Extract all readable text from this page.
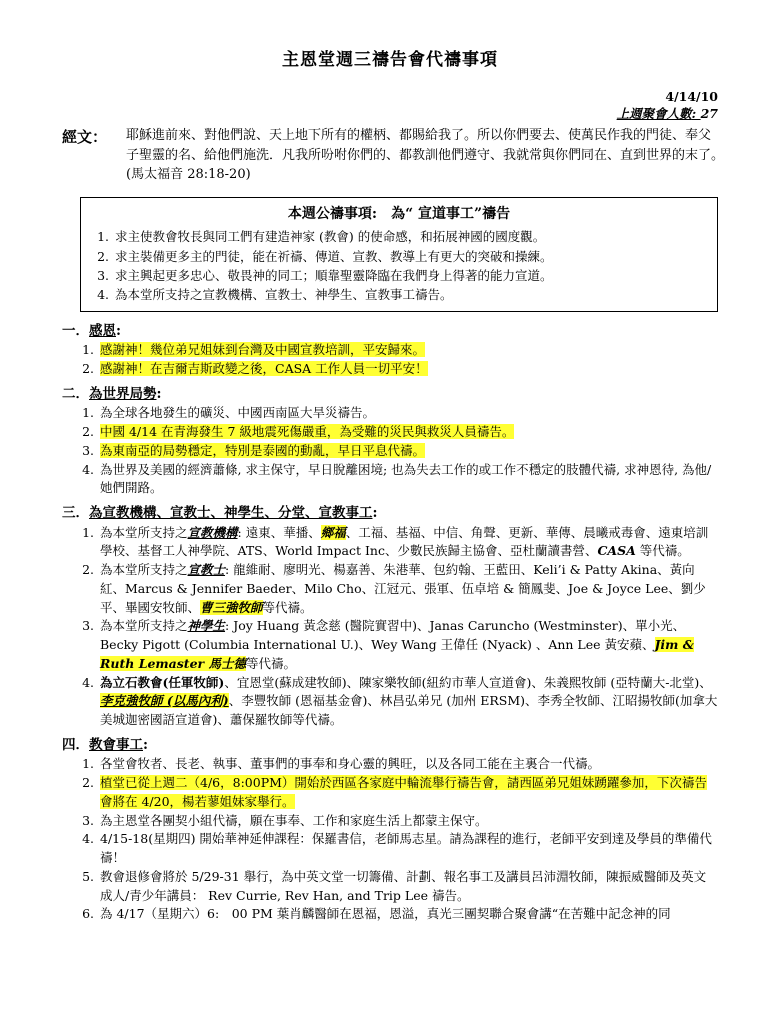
主恩堂週三禱告會代禱事項
4/14/10
上週聚會人數: 27
經文：	耶穌進前來、對他們說、天上地下所有的權柄、都賜給我了。所以你們要去、使萬民作我的門徒、奉父子聖靈的名、給他們施洗．凡我所吩咐你們的、都教訓他們遵守、我就常與你們同在、直到世界的末了。　(馬太福音 28:18-20)
本週公禱事項:　為“ 宣道事工”禱告
1. 求主使教會牧長與同工們有建造神家 (教會) 的使命感，和拓展神國的國度觀。
2. 求主裝備更多主的門徒，能在祈禱、傳道、宣教、教導上有更大的突破和操練。
3. 求主興起更多忠心、敬畏神的同工；順靠聖靈降臨在我們身上得著的能力宣道。
4. 為本堂所支持之宣教機構、宣教士、神學生、宣教事工禱告。
一．感恩:
1. 感謝神！幾位弟兄姐妹到台灣及中國宣教培訓，平安歸來。
2. 感謝神！在吉爾吉斯政變之後，CASA 工作人員一切平安！
二．為世界局勢:
1. 為全球各地發生的礦災、中國西南區大旱災禱告。
2. 中國 4/14 在青海發生 7 級地震死傷嚴重，為受難的災民與救災人員禱告。
3. 為東南亞的局勢穩定，特別是泰國的動亂，早日平息代禱。
4. 為世界及美國的經濟蕭條, 求主保守，早日脫離困境; 也為失去工作的或工作不穩定的肢體代禱, 求神恩待, 為他/她們開路。
三．為宣教機構、宣教士、神學生、分堂、宣教事工:
1. 為本堂所支持之宣教機構: 遠東、華播、鄉福、工福、基福、中信、角聲、更新、華傳、晨曦戒毒會、遠東培訓學校、基督工人神學院、ATS、World Impact Inc、少數民族歸主協會、亞杜蘭讀書營、CASA 等代禱。
2. 為本堂所支持之宣教士: 龍維耐、廖明光、楊嘉善、朱港華、包約翰、王藍田、Keli’i & Patty Akina、黃向紅、Marcus & Jennifer Baeder、Milo Cho、江冠元、張軍、伍卓培 & 簡鳳斐、Joe & Joyce Lee、劉少平、畢國安牧師、曹三強牧師等代禱。
3. 為本堂所支持之神學生: Joy Huang 黃念慈 (醫院實習中)、Janas Caruncho (Westminster)、單小光、Becky Pigott (Columbia International U.)、Wey Wang 王偉任 (Nyack) 、Ann Lee 黃安蘋、Jim & Ruth Lemaster 馬士德等代禱。
4. 為立石教會(任軍牧師)、宜恩堂(蘇成建牧師)、陳家樂牧師(紐約市華人宣道會)、朱義熙牧師 (亞特蘭大-北堂)、李克強牧師 (以馬內利)、李豐牧師 (恩福基金會)、林昌弘弟兄 (加州 ERSM)、李秀全牧師、江昭揚牧師(加拿大美城迦密國語宣道會)、蕭保羅牧師等代禱。
四．教會事工:
1. 各堂會牧者、長老、執事、董事們的事奉和身心靈的興旺，以及各同工能在主裏合一代禱。
2. 植堂已從上週二（4/6，8:00PM）開始於西區各家庭中輪流舉行禱告會，請西區弟兄姐妹踴躍參加，下次禱告會將在 4/20，楊若蓼姐妹家舉行。
3. 為主恩堂各團契小組代禱，願在事奉、工作和家庭生活上都蒙主保守。
4. 4/15-18(星期四) 開始華神延伸課程：保羅書信，老師馬志星。請為課程的進行，老師平安到達及學員的準備代禱！
5. 教會退修會將於 5/29-31 舉行，為中英文堂一切籌備、計劃、報名事工及講員呂沛淵牧師，陳振威醫師及英文成人/青少年講員： Rev Currie, Rev Han, and Trip Lee 禱告。
6. 為 4/17（星期六）6:　00 PM 葉肖麟醫師在恩福，恩溢，真光三團契聯合聚會講“在苦難中記念神的同
